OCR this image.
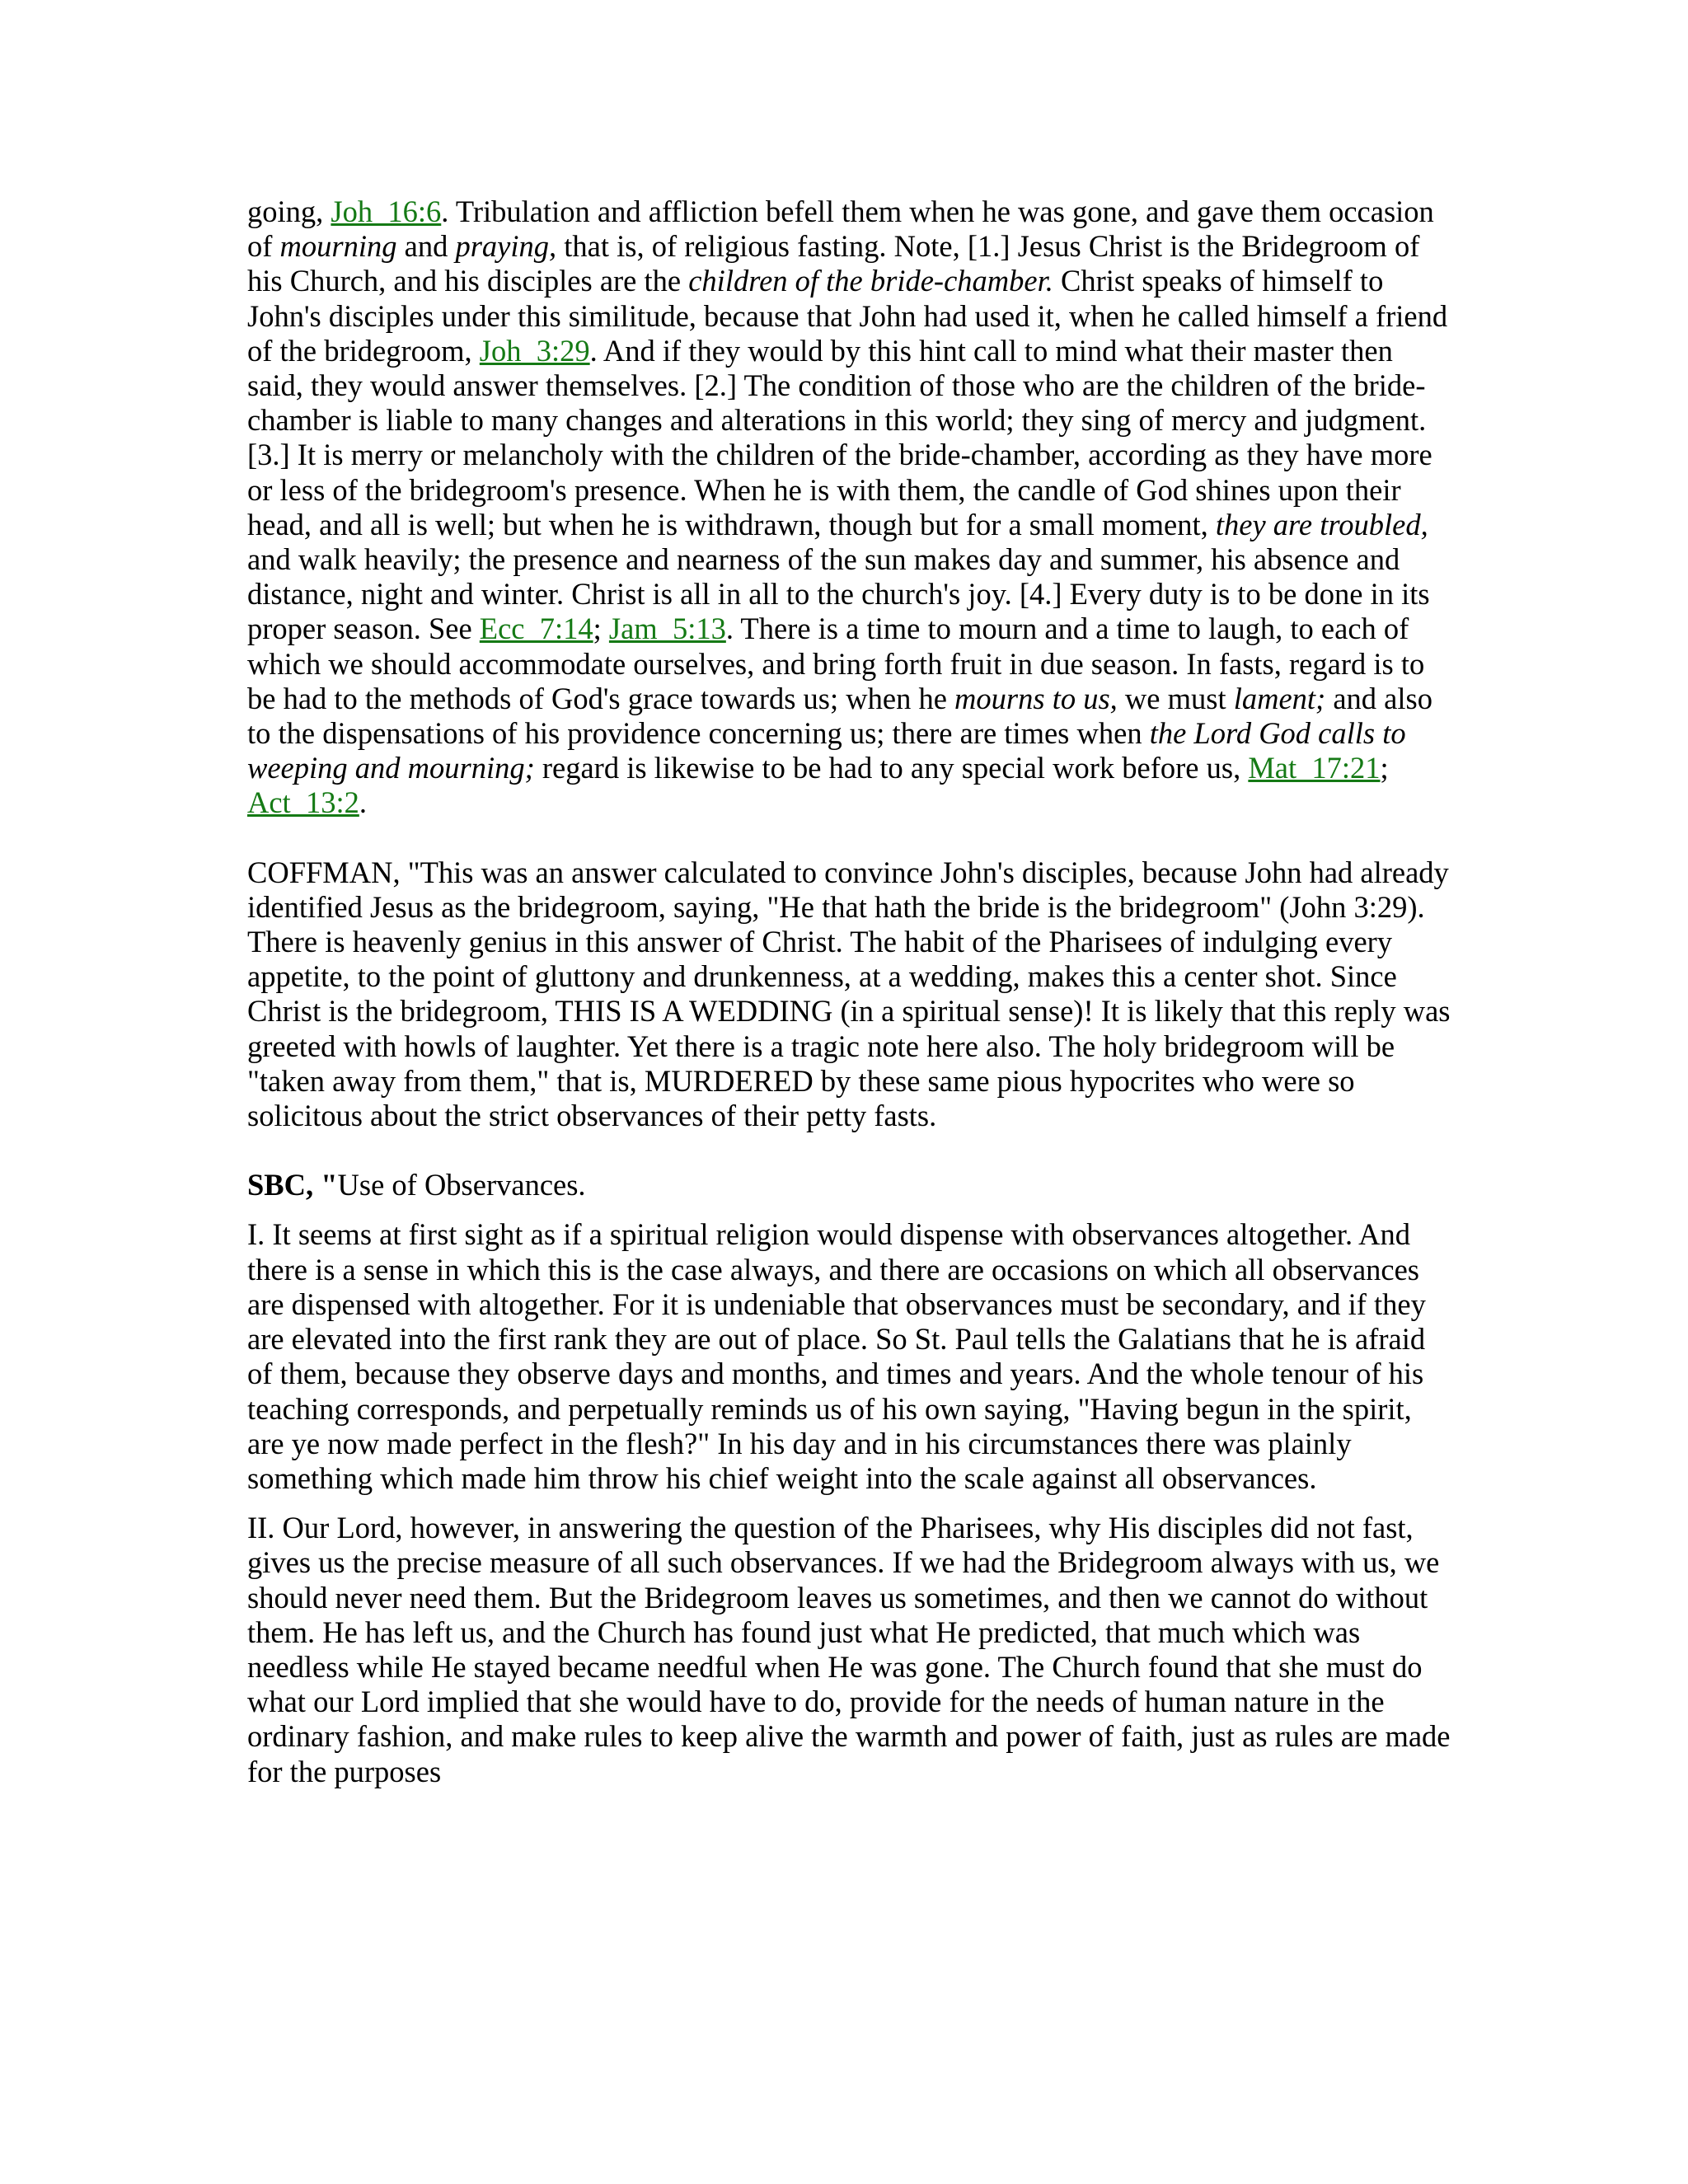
going, Joh_16:6. Tribulation and affliction befell them when he was gone, and gave them occasion of mourning and praying, that is, of religious fasting. Note, [1.] Jesus Christ is the Bridegroom of his Church, and his disciples are the children of the bride-chamber. Christ speaks of himself to John's disciples under this similitude, because that John had used it, when he called himself a friend of the bridegroom, Joh_3:29. And if they would by this hint call to mind what their master then said, they would answer themselves. [2.] The condition of those who are the children of the bride-chamber is liable to many changes and alterations in this world; they sing of mercy and judgment. [3.] It is merry or melancholy with the children of the bride-chamber, according as they have more or less of the bridegroom's presence. When he is with them, the candle of God shines upon their head, and all is well; but when he is withdrawn, though but for a small moment, they are troubled, and walk heavily; the presence and nearness of the sun makes day and summer, his absence and distance, night and winter. Christ is all in all to the church's joy. [4.] Every duty is to be done in its proper season. See Ecc_7:14; Jam_5:13. There is a time to mourn and a time to laugh, to each of which we should accommodate ourselves, and bring forth fruit in due season. In fasts, regard is to be had to the methods of God's grace towards us; when he mourns to us, we must lament; and also to the dispensations of his providence concerning us; there are times when the Lord God calls to weeping and mourning; regard is likewise to be had to any special work before us, Mat_17:21; Act_13:2.

COFFMAN, "This was an answer calculated to convince John's disciples, because John had already identified Jesus as the bridegroom, saying, "He that hath the bride is the bridegroom" (John 3:29). There is heavenly genius in this answer of Christ. The habit of the Pharisees of indulging every appetite, to the point of gluttony and drunkenness, at a wedding, makes this a center shot. Since Christ is the bridegroom, THIS IS A WEDDING (in a spiritual sense)! It is likely that this reply was greeted with howls of laughter. Yet there is a tragic note here also. The holy bridegroom will be "taken away from them," that is, MURDERED by these same pious hypocrites who were so solicitous about the strict observances of their petty fasts.

SBC, "Use of Observances.

I. It seems at first sight as if a spiritual religion would dispense with observances altogether. And there is a sense in which this is the case always, and there are occasions on which all observances are dispensed with altogether. For it is undeniable that observances must be secondary, and if they are elevated into the first rank they are out of place. So St. Paul tells the Galatians that he is afraid of them, because they observe days and months, and times and years. And the whole tenour of his teaching corresponds, and perpetually reminds us of his own saying, "Having begun in the spirit, are ye now made perfect in the flesh?" In his day and in his circumstances there was plainly something which made him throw his chief weight into the scale against all observances.

II. Our Lord, however, in answering the question of the Pharisees, why His disciples did not fast, gives us the precise measure of all such observances. If we had the Bridegroom always with us, we should never need them. But the Bridegroom leaves us sometimes, and then we cannot do without them. He has left us, and the Church has found just what He predicted, that much which was needless while He stayed became needful when He was gone. The Church found that she must do what our Lord implied that she would have to do, provide for the needs of human nature in the ordinary fashion, and make rules to keep alive the warmth and power of faith, just as rules are made for the purposes
